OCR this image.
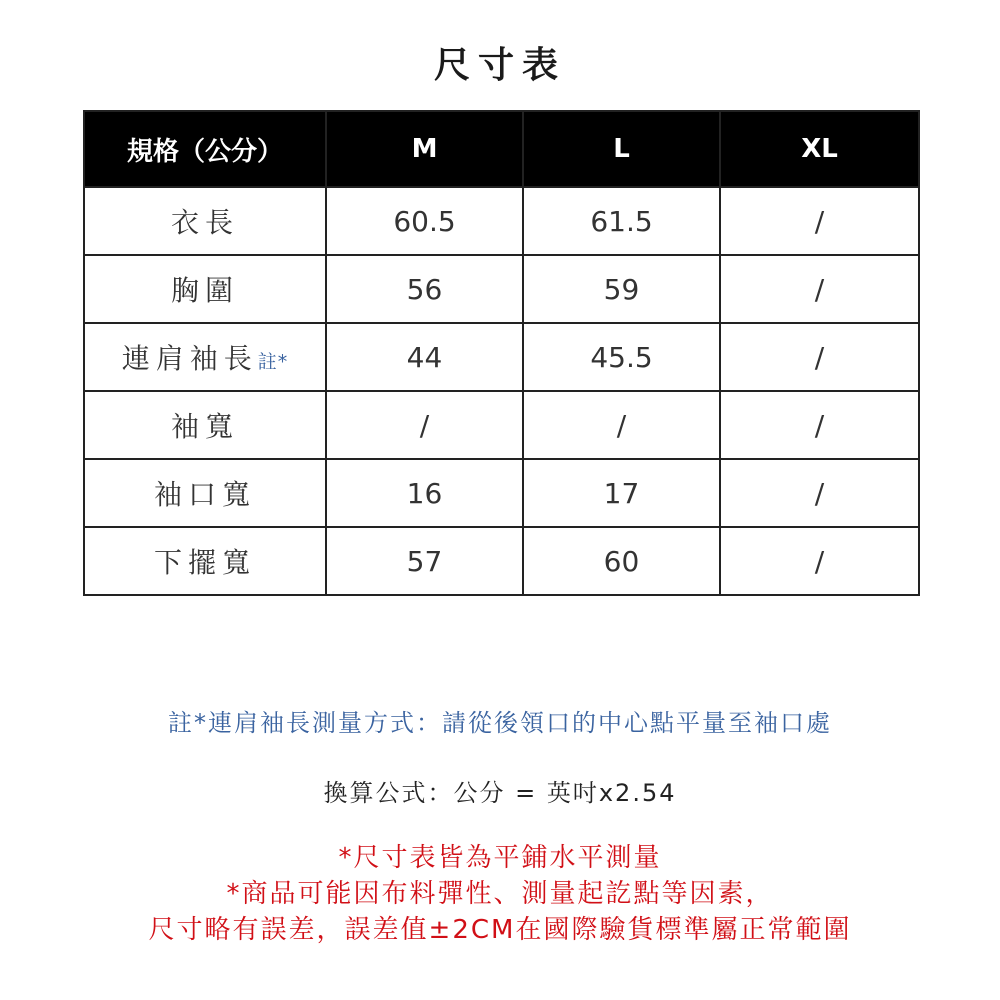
尺寸表
規格（公分）	M	L	XL
衣長	60.5	61.5	/
胸圍	56	59	/
連肩袖長註*	44	45.5	/
袖寬	/	/	/
袖口寬	16	17	/
下擺寬	57	60	/
註*連肩袖長測量方式：請從後領口的中心點平量至袖口處
換算公式：公分 = 英吋x2.54
*尺寸表皆為平鋪水平測量
*商品可能因布料彈性、測量起訖點等因素，
尺寸略有誤差，誤差值±2CM在國際驗貨標準屬正常範圍
